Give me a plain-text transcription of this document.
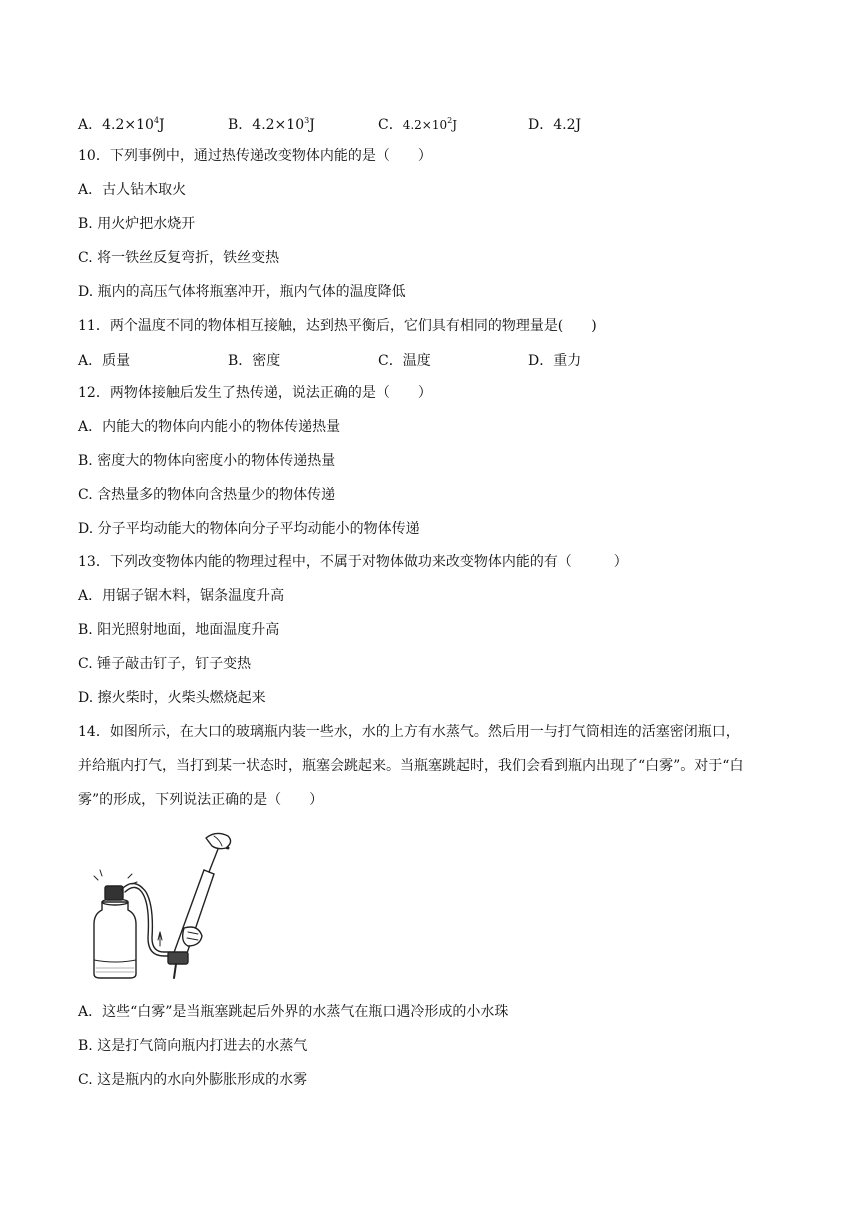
A．$4.2\times 10^4J$	B．$4.2\times 10^3J$	C．$4.2\times 10^2J$	D．4.2J
10．下列事例中，通过热传递改变物体内能的是（　　）
A．古人钻木取火
B. 用火炉把水烧开
C. 将一铁丝反复弯折，铁丝变热
D. 瓶内的高压气体将瓶塞冲开，瓶内气体的温度降低
11．两个温度不同的物体相互接触，达到热平衡后，它们具有相同的物理量是(　　)
A．质量	B．密度	C．温度	D．重力
12．两物体接触后发生了热传递，说法正确的是（　　）
A．内能大的物体向内能小的物体传递热量
B. 密度大的物体向密度小的物体传递热量
C. 含热量多的物体向含热量少的物体传递
D. 分子平均动能大的物体向分子平均动能小的物体传递
13．下列改变物体内能的物理过程中，不属于对物体做功来改变物体内能的有（　　　）
A．用锯子锯木料，锯条温度升高
B. 阳光照射地面，地面温度升高
C. 锤子敲击钉子，钉子变热
D. 擦火柴时，火柴头燃烧起来
14．如图所示，在大口的玻璃瓶内装一些水，水的上方有水蒸气。然后用一与打气筒相连的活塞密闭瓶口，
并给瓶内打气，当打到某一状态时，瓶塞会跳起来。当瓶塞跳起时，我们会看到瓶内出现了“白雾”。对于“白
雾”的形成，下列说法正确的是（　　）
A．这些“白雾”是当瓶塞跳起后外界的水蒸气在瓶口遇冷形成的小水珠
B. 这是打气筒向瓶内打进去的水蒸气
C. 这是瓶内的水向外膨胀形成的水雾
